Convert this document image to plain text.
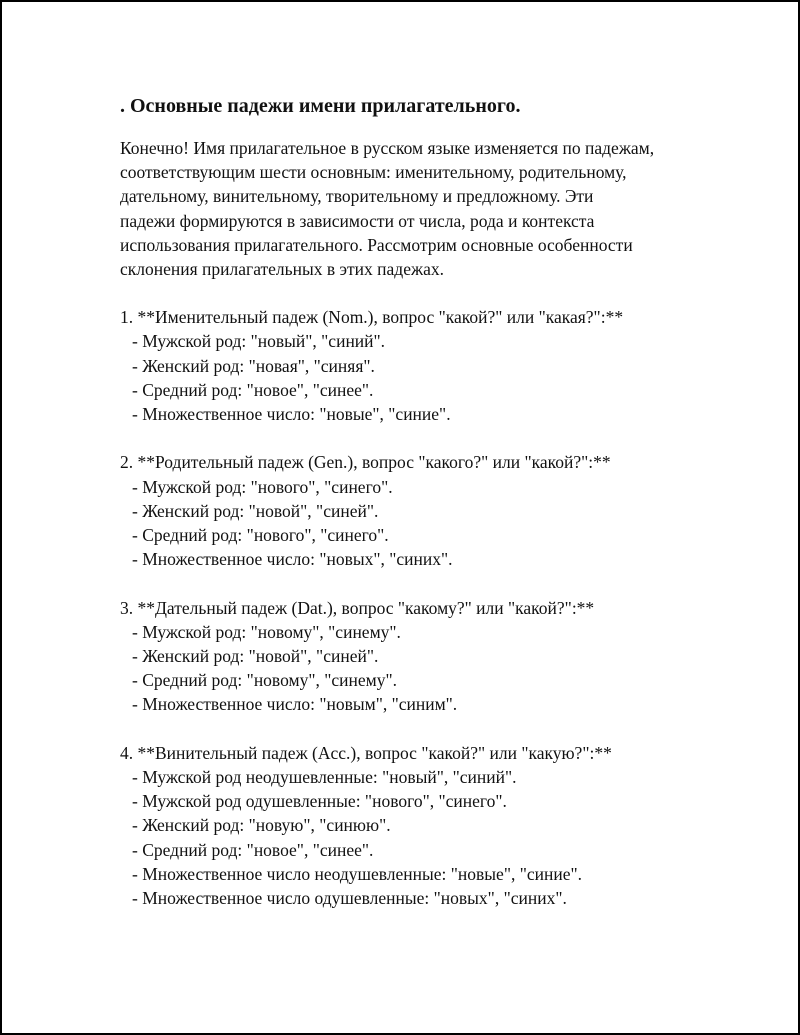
. Основные падежи имени прилагательного.
Конечно! Имя прилагательное в русском языке изменяется по падежам,
соответствующим шести основным: именительному, родительному,
дательному, винительному, творительному и предложному. Эти
падежи формируются в зависимости от числа, рода и контекста
использования прилагательного. Рассмотрим основные особенности
склонения прилагательных в этих падежах.
1. **Именительный падеж (Nom.), вопрос "какой?" или "какая?":**
- Мужской род: "новый", "синий".
- Женский род: "новая", "синяя".
- Средний род: "новое", "синее".
- Множественное число: "новые", "синие".
2. **Родительный падеж (Gen.), вопрос "какого?" или "какой?":**
- Мужской род: "нового", "синего".
- Женский род: "новой", "синей".
- Средний род: "нового", "синего".
- Множественное число: "новых", "синих".
3. **Дательный падеж (Dat.), вопрос "какому?" или "какой?":**
- Мужской род: "новому", "синему".
- Женский род: "новой", "синей".
- Средний род: "новому", "синему".
- Множественное число: "новым", "синим".
4. **Винительный падеж (Acc.), вопрос "какой?" или "какую?":**
- Мужской род неодушевленные: "новый", "синий".
- Мужской род одушевленные: "нового", "синего".
- Женский род: "новую", "синюю".
- Средний род: "новое", "синее".
- Множественное число неодушевленные: "новые", "синие".
- Множественное число одушевленные: "новых", "синих".
